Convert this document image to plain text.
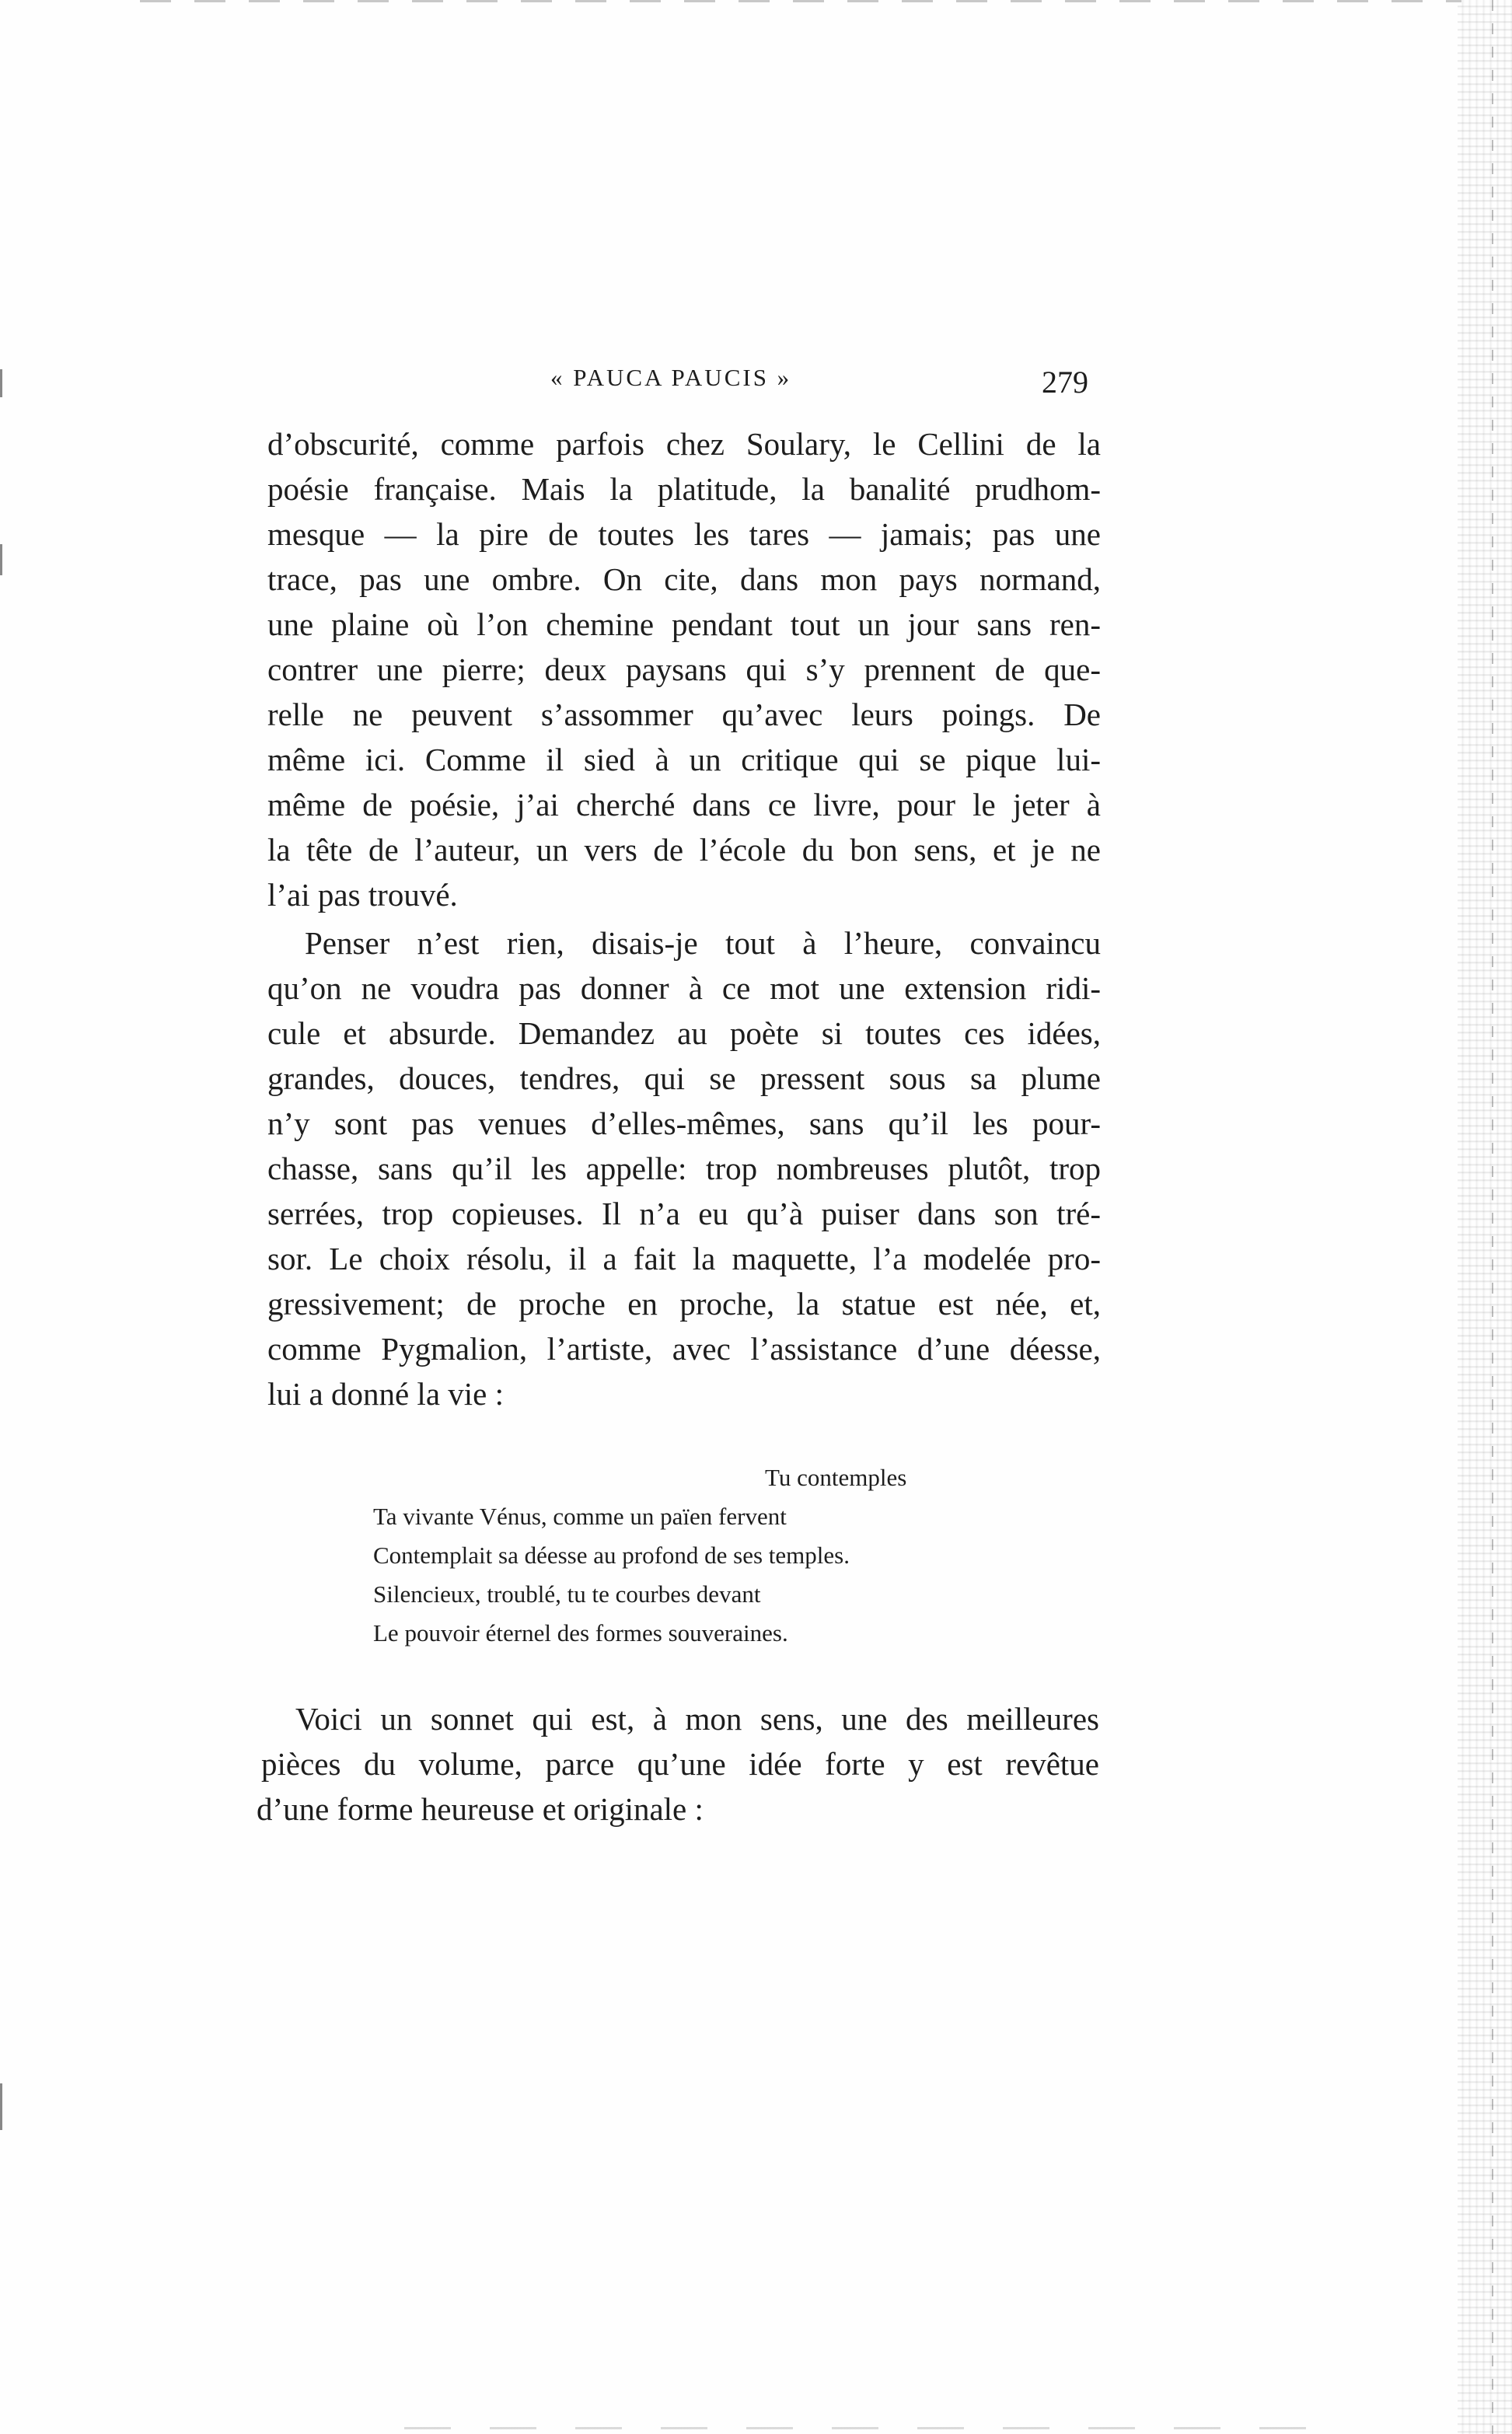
« PAUCA PAUCIS »	279
d’obscurité, comme parfois chez Soulary, le Cellini de la
poésie française. Mais la platitude, la banalité prudhom-
mesque — la pire de toutes les tares — jamais; pas une
trace, pas une ombre. On cite, dans mon pays normand,
une plaine où l’on chemine pendant tout un jour sans ren-
contrer une pierre; deux paysans qui s’y prennent de que-
relle ne peuvent s’assommer qu’avec leurs poings. De
même ici. Comme il sied à un critique qui se pique lui-
même de poésie, j’ai cherché dans ce livre, pour le jeter à
la tête de l’auteur, un vers de l’école du bon sens, et je ne
l’ai pas trouvé.
Penser n’est rien, disais-je tout à l’heure, convaincu
qu’on ne voudra pas donner à ce mot une extension ridi-
cule et absurde. Demandez au poète si toutes ces idées,
grandes, douces, tendres, qui se pressent sous sa plume
n’y sont pas venues d’elles-mêmes, sans qu’il les pour-
chasse, sans qu’il les appelle: trop nombreuses plutôt, trop
serrées, trop copieuses. Il n’a eu qu’à puiser dans son tré-
sor. Le choix résolu, il a fait la maquette, l’a modelée pro-
gressivement; de proche en proche, la statue est née, et,
comme Pygmalion, l’artiste, avec l’assistance d’une déesse,
lui a donné la vie :
Tu contemples
Ta vivante Vénus, comme un païen fervent
Contemplait sa déesse au profond de ses temples.
Silencieux, troublé, tu te courbes devant
Le pouvoir éternel des formes souveraines.
Voici un sonnet qui est, à mon sens, une des meilleures
pièces du volume, parce qu’une idée forte y est revêtue
d’une forme heureuse et originale :
